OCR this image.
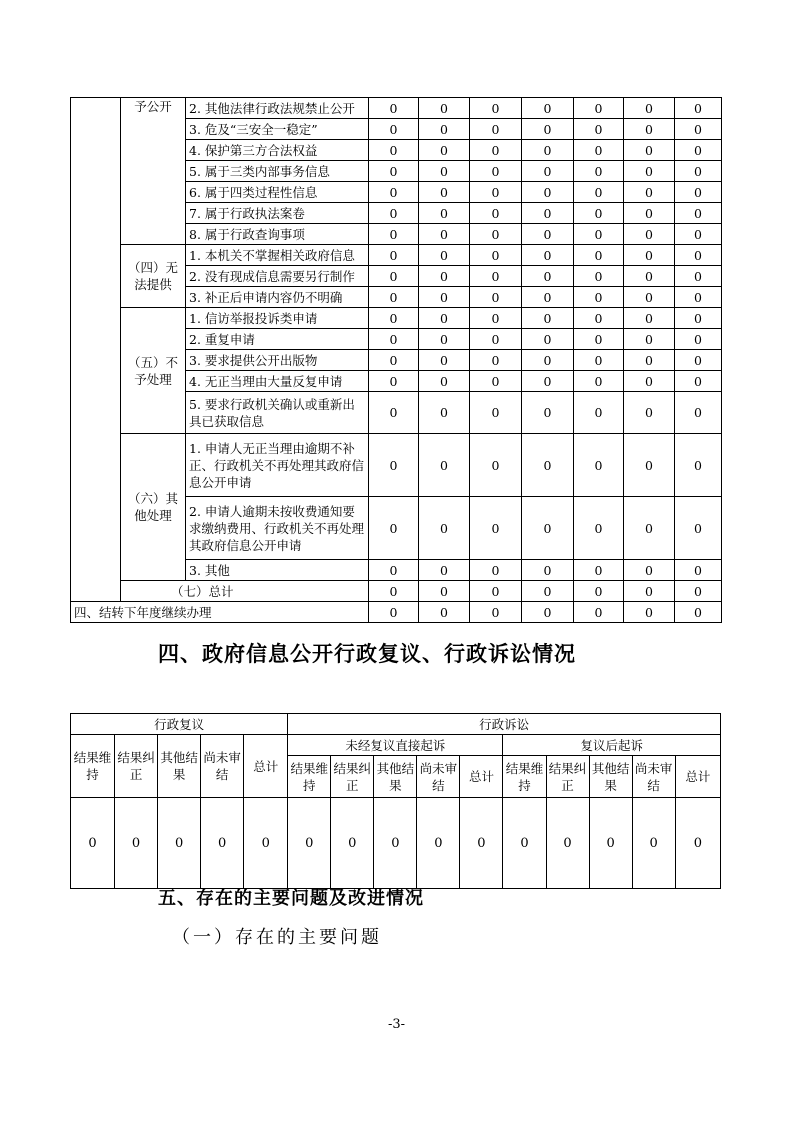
	予公开	2. 其他法律行政法规禁止公开	0	0	0	0	0	0	0
		3. 危及“三安全一稳定”	0	0	0	0	0	0	0
		4. 保护第三方合法权益	0	0	0	0	0	0	0
		5. 属于三类内部事务信息	0	0	0	0	0	0	0
		6. 属于四类过程性信息	0	0	0	0	0	0	0
		7. 属于行政执法案卷	0	0	0	0	0	0	0
		8. 属于行政查询事项	0	0	0	0	0	0	0
	（四）无法提供	1. 本机关不掌握相关政府信息	0	0	0	0	0	0	0
		2. 没有现成信息需要另行制作	0	0	0	0	0	0	0
		3. 补正后申请内容仍不明确	0	0	0	0	0	0	0
	（五）不予处理	1. 信访举报投诉类申请	0	0	0	0	0	0	0
		2. 重复申请	0	0	0	0	0	0	0
		3. 要求提供公开出版物	0	0	0	0	0	0	0
		4. 无正当理由大量反复申请	0	0	0	0	0	0	0
		5. 要求行政机关确认或重新出具已获取信息	0	0	0	0	0	0	0
	（六）其他处理	1. 申请人无正当理由逾期不补正、行政机关不再处理其政府信息公开申请	0	0	0	0	0	0	0
		2. 申请人逾期未按收费通知要求缴纳费用、行政机关不再处理其政府信息公开申请	0	0	0	0	0	0	0
		3. 其他	0	0	0	0	0	0	0
	（七）总计		0	0	0	0	0	0	0
四、结转下年度继续办理			0	0	0	0	0	0	0
四、政府信息公开行政复议、行政诉讼情况
行政复议					行政诉讼									
结果维持	结果纠正	其他结果	尚未审结	总计	未经复议直接起诉					复议后起诉				
					结果维持	结果纠正	其他结果	尚未审结	总计	结果维持	结果纠正	其他结果	尚未审结	总计
0	0	0	0	0	0	0	0	0	0	0	0	0	0	0
五、存在的主要问题及改进情况
（一）存在的主要问题
-3-
